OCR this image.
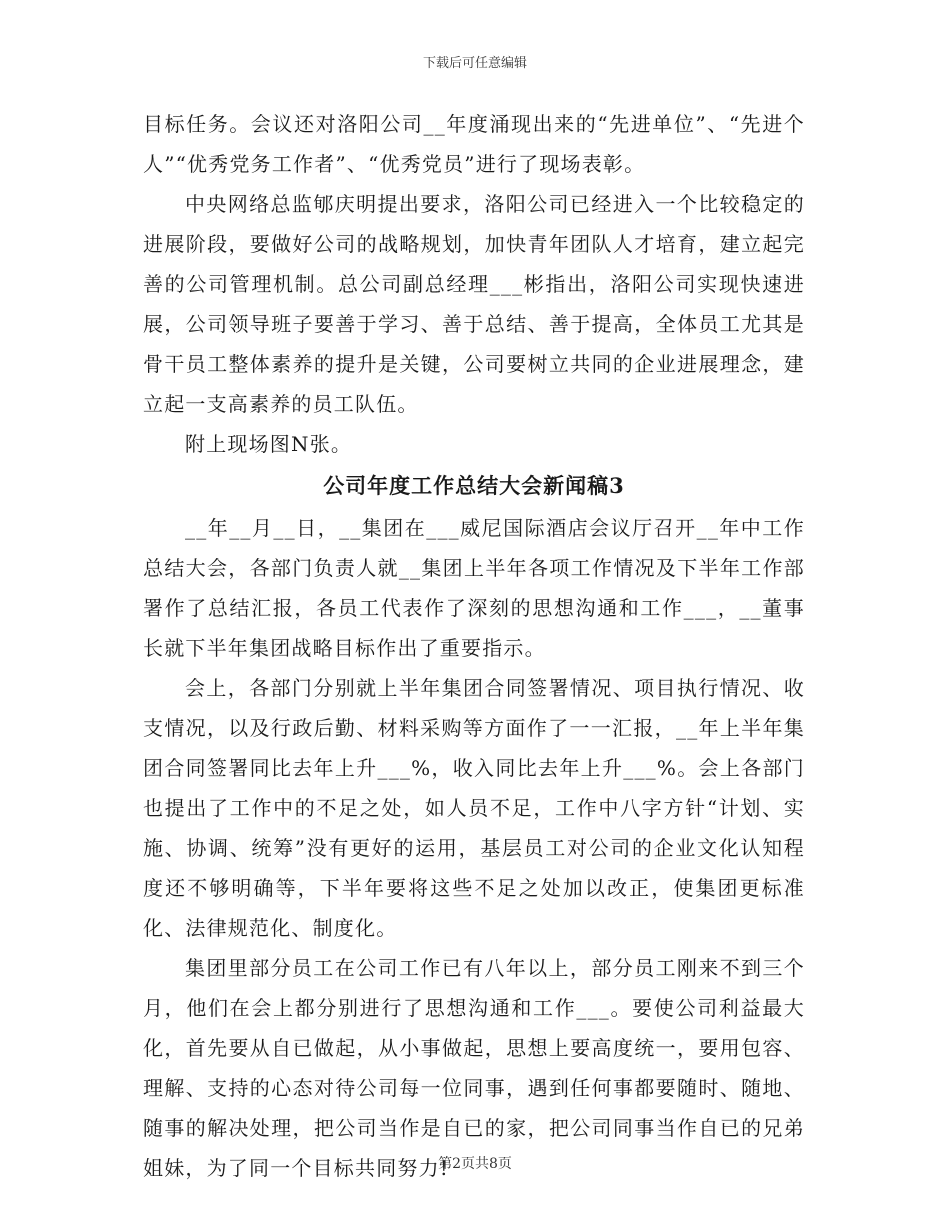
下载后可任意编辑

目标任务。会议还对洛阳公司__年度涌现出来的“先进单位”、“先进个人”“优秀党务工作者”、“优秀党员”进行了现场表彰。

中央网络总监郇庆明提出要求，洛阳公司已经进入一个比较稳定的进展阶段，要做好公司的战略规划，加快青年团队人才培育，建立起完善的公司管理机制。总公司副总经理___彬指出，洛阳公司实现快速进展，公司领导班子要善于学习、善于总结、善于提高，全体员工尤其是骨干员工整体素养的提升是关键，公司要树立共同的企业进展理念，建立起一支高素养的员工队伍。

附上现场图N张。

公司年度工作总结大会新闻稿3

__年__月__日，__集团在___威尼国际酒店会议厅召开__年中工作总结大会，各部门负责人就__集团上半年各项工作情况及下半年工作部署作了总结汇报，各员工代表作了深刻的思想沟通和工作___，__董事长就下半年集团战略目标作出了重要指示。

会上，各部门分别就上半年集团合同签署情况、项目执行情况、收支情况，以及行政后勤、材料采购等方面作了一一汇报，__年上半年集团合同签署同比去年上升___%，收入同比去年上升___%。会上各部门也提出了工作中的不足之处，如人员不足，工作中八字方针“计划、实施、协调、统筹”没有更好的运用，基层员工对公司的企业文化认知程度还不够明确等，下半年要将这些不足之处加以改正，使集团更标准化、法律规范化、制度化。

集团里部分员工在公司工作已有八年以上，部分员工刚来不到三个月，他们在会上都分别进行了思想沟通和工作___。要使公司利益最大化，首先要从自已做起，从小事做起，思想上要高度统一，要用包容、理解、支持的心态对待公司每一位同事，遇到任何事都要随时、随地、随事的解决处理，把公司当作是自已的家，把公司同事当作自已的兄弟姐妹，为了同一个目标共同努力!

第2页共8页
